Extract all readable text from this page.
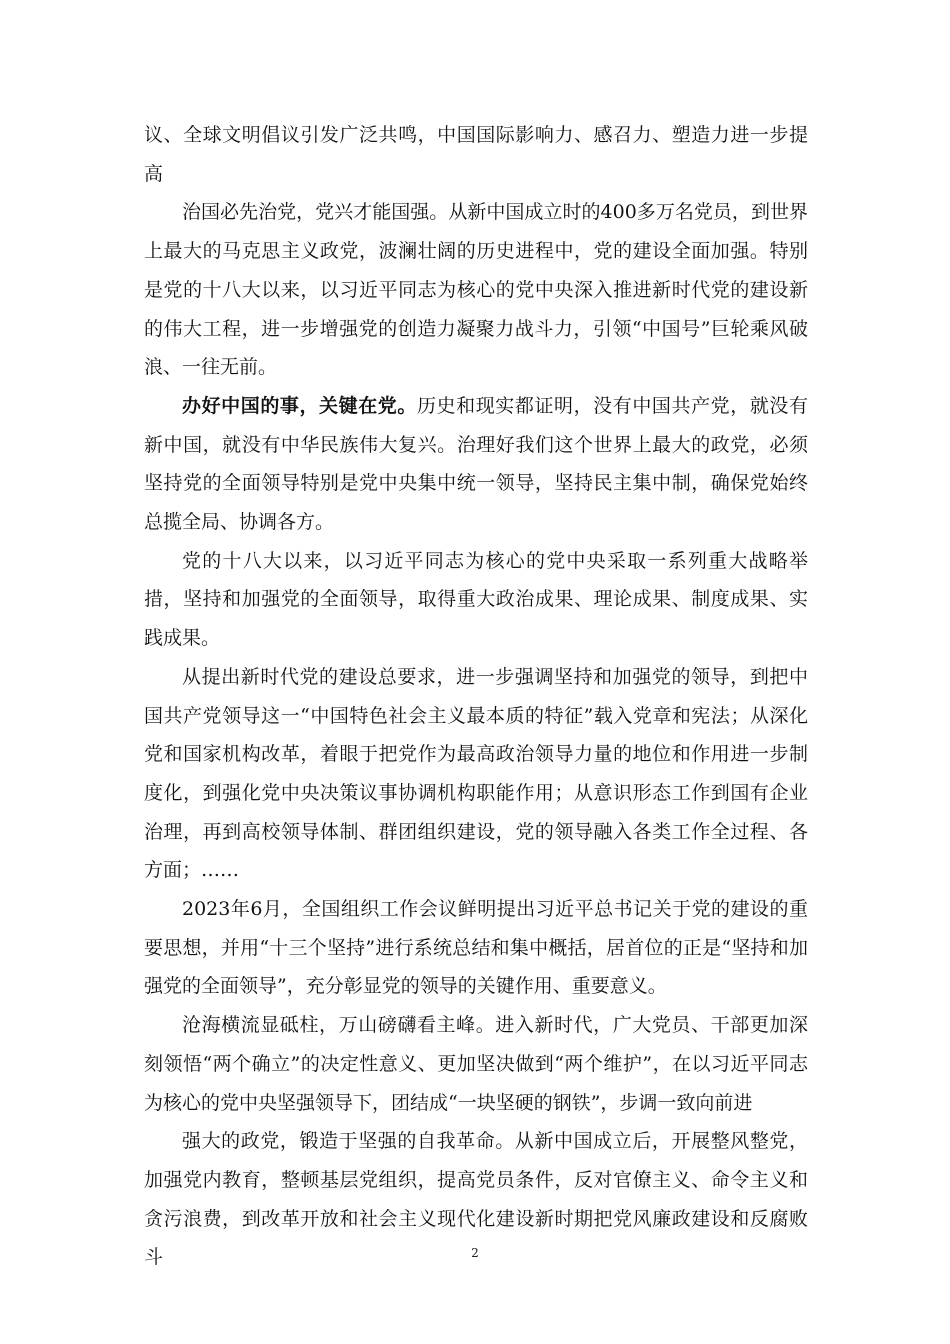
议、全球文明倡议引发广泛共鸣，中国国际影响力、感召力、塑造力进一步提高

治国必先治党，党兴才能国强。从新中国成立时的400多万名党员，到世界上最大的马克思主义政党，波澜壮阔的历史进程中，党的建设全面加强。特别是党的十八大以来，以习近平同志为核心的党中央深入推进新时代党的建设新的伟大工程，进一步增强党的创造力凝聚力战斗力，引领“中国号”巨轮乘风破浪、一往无前。

办好中国的事，关键在党。历史和现实都证明，没有中国共产党，就没有新中国，就没有中华民族伟大复兴。治理好我们这个世界上最大的政党，必须坚持党的全面领导特别是党中央集中统一领导，坚持民主集中制，确保党始终总揽全局、协调各方。

党的十八大以来，以习近平同志为核心的党中央采取一系列重大战略举措，坚持和加强党的全面领导，取得重大政治成果、理论成果、制度成果、实践成果。

从提出新时代党的建设总要求，进一步强调坚持和加强党的领导，到把中国共产党领导这一“中国特色社会主义最本质的特征”载入党章和宪法；从深化党和国家机构改革，着眼于把党作为最高政治领导力量的地位和作用进一步制度化，到强化党中央决策议事协调机构职能作用；从意识形态工作到国有企业治理，再到高校领导体制、群团组织建设，党的领导融入各类工作全过程、各方面；……

2023年6月，全国组织工作会议鲜明提出习近平总书记关于党的建设的重要思想，并用“十三个坚持”进行系统总结和集中概括，居首位的正是“坚持和加强党的全面领导”，充分彰显党的领导的关键作用、重要意义。

沧海横流显砥柱，万山磅礴看主峰。进入新时代，广大党员、干部更加深刻领悟“两个确立”的决定性意义、更加坚决做到“两个维护”，在以习近平同志为核心的党中央坚强领导下，团结成“一块坚硬的钢铁”，步调一致向前进

强大的政党，锻造于坚强的自我革命。从新中国成立后，开展整风整党，加强党内教育，整顿基层党组织，提高党员条件，反对官僚主义、命令主义和贪污浪费，到改革开放和社会主义现代化建设新时期把党风廉政建设和反腐败斗	2
